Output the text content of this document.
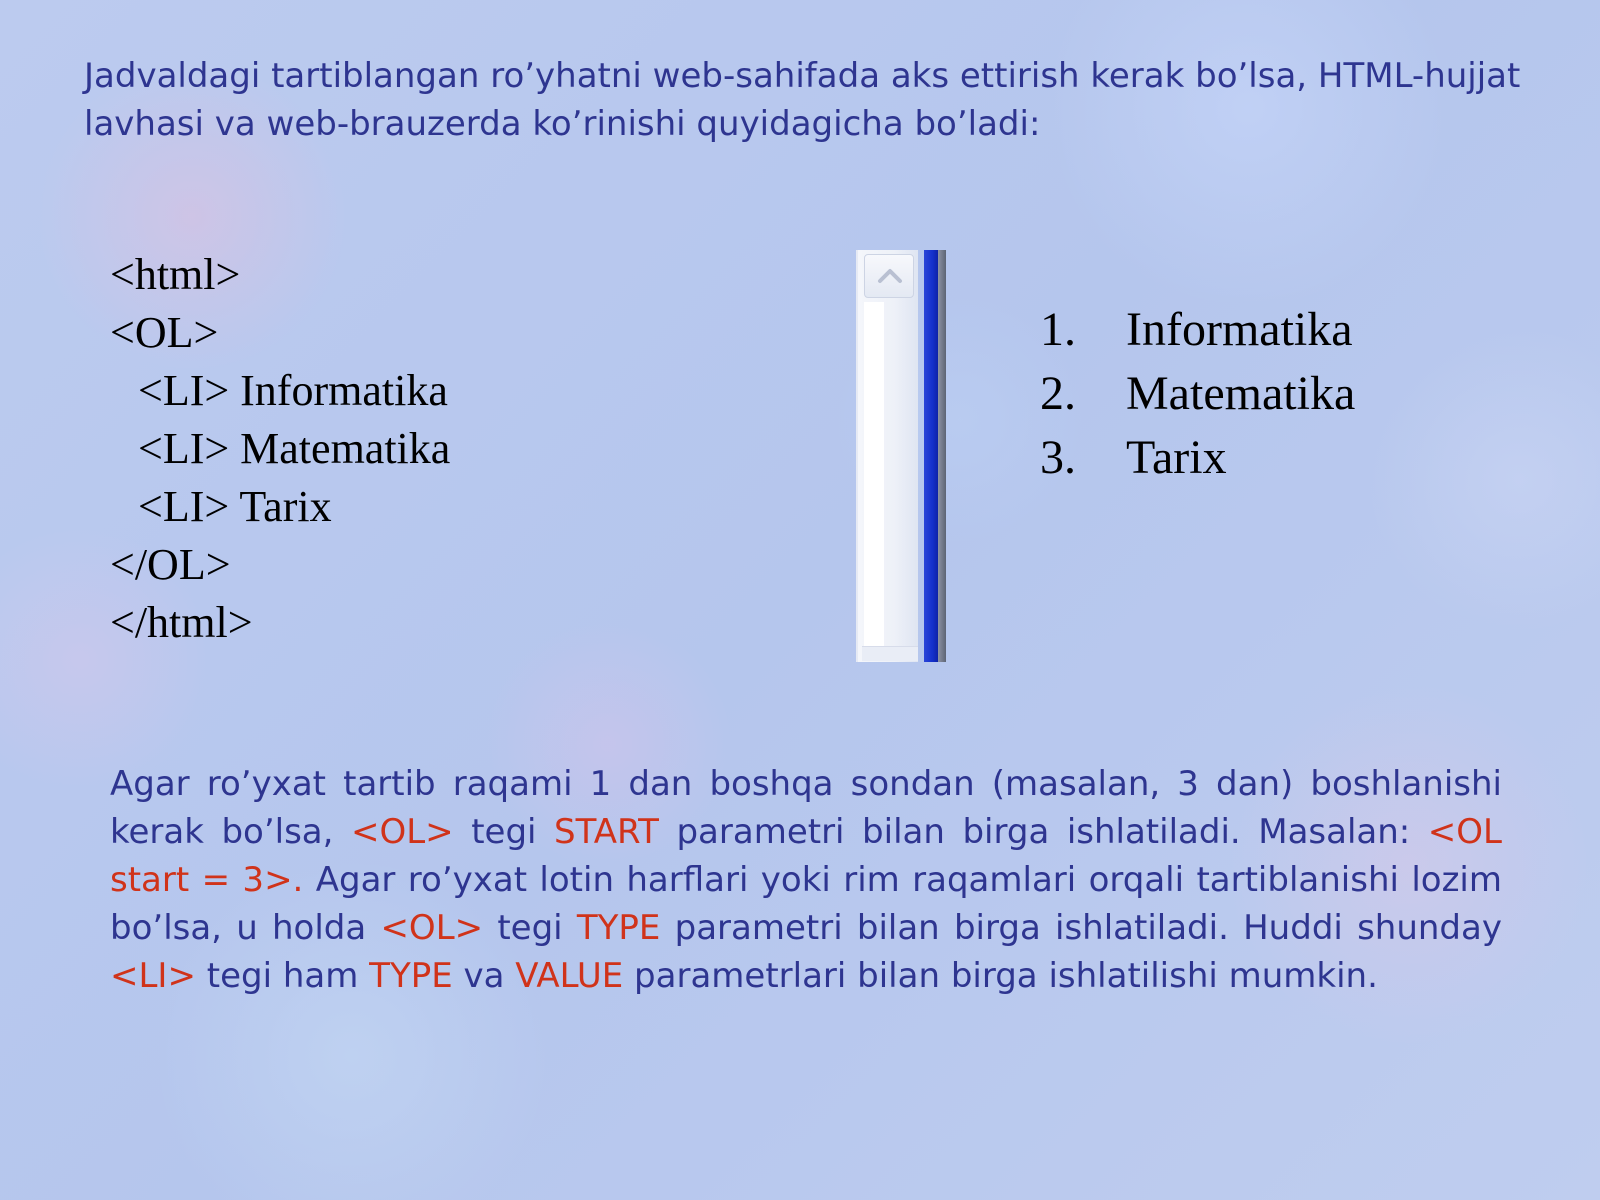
Jadvaldagi tartiblangan ro’yhatni web-sahifada aks ettirish kerak bo’lsa, HTML-hujjat lavhasi va web-brauzerda ko’rinishi quyidagicha bo’ladi:

<html>
<OL>
<LI> Informatika
<LI> Matematika
<LI> Tarix
</OL>
</html>
1. Informatika
2. Matematika
3. Tarix

Agar ro’yxat tartib raqami 1 dan boshqa sondan (masalan, 3 dan) boshlanishi kerak bo’lsa, <OL> tegi START parametri bilan birga ishlatiladi. Masalan: <OL start = 3>. Agar ro’yxat lotin harflari yoki rim raqamlari orqali tartiblanishi lozim bo’lsa, u holda <OL> tegi TYPE parametri bilan birga ishlatiladi. Huddi shunday <LI> tegi ham TYPE va VALUE parametrlari bilan birga ishlatilishi mumkin.
